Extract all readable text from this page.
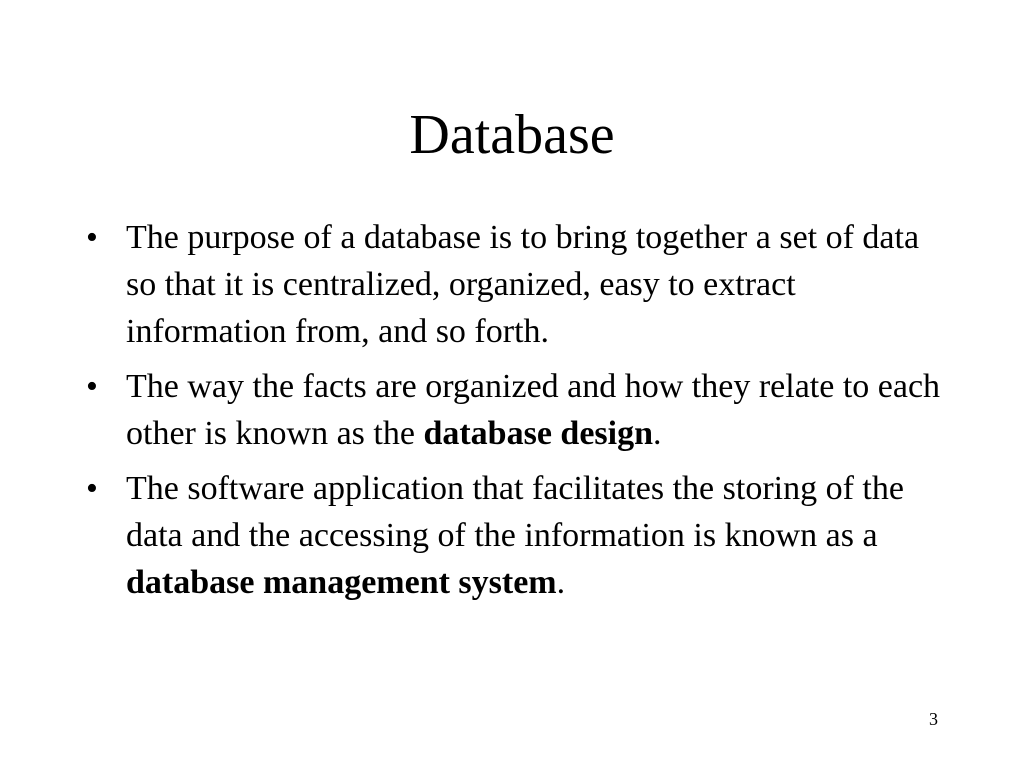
Database
• The purpose of a database is to bring together a set of data so that it is centralized, organized, easy to extract information from, and so forth.
• The way the facts are organized and how they relate to each other is known as the database design.
• The software application that facilitates the storing of the data and the accessing of the information is known as a database management system.
3
